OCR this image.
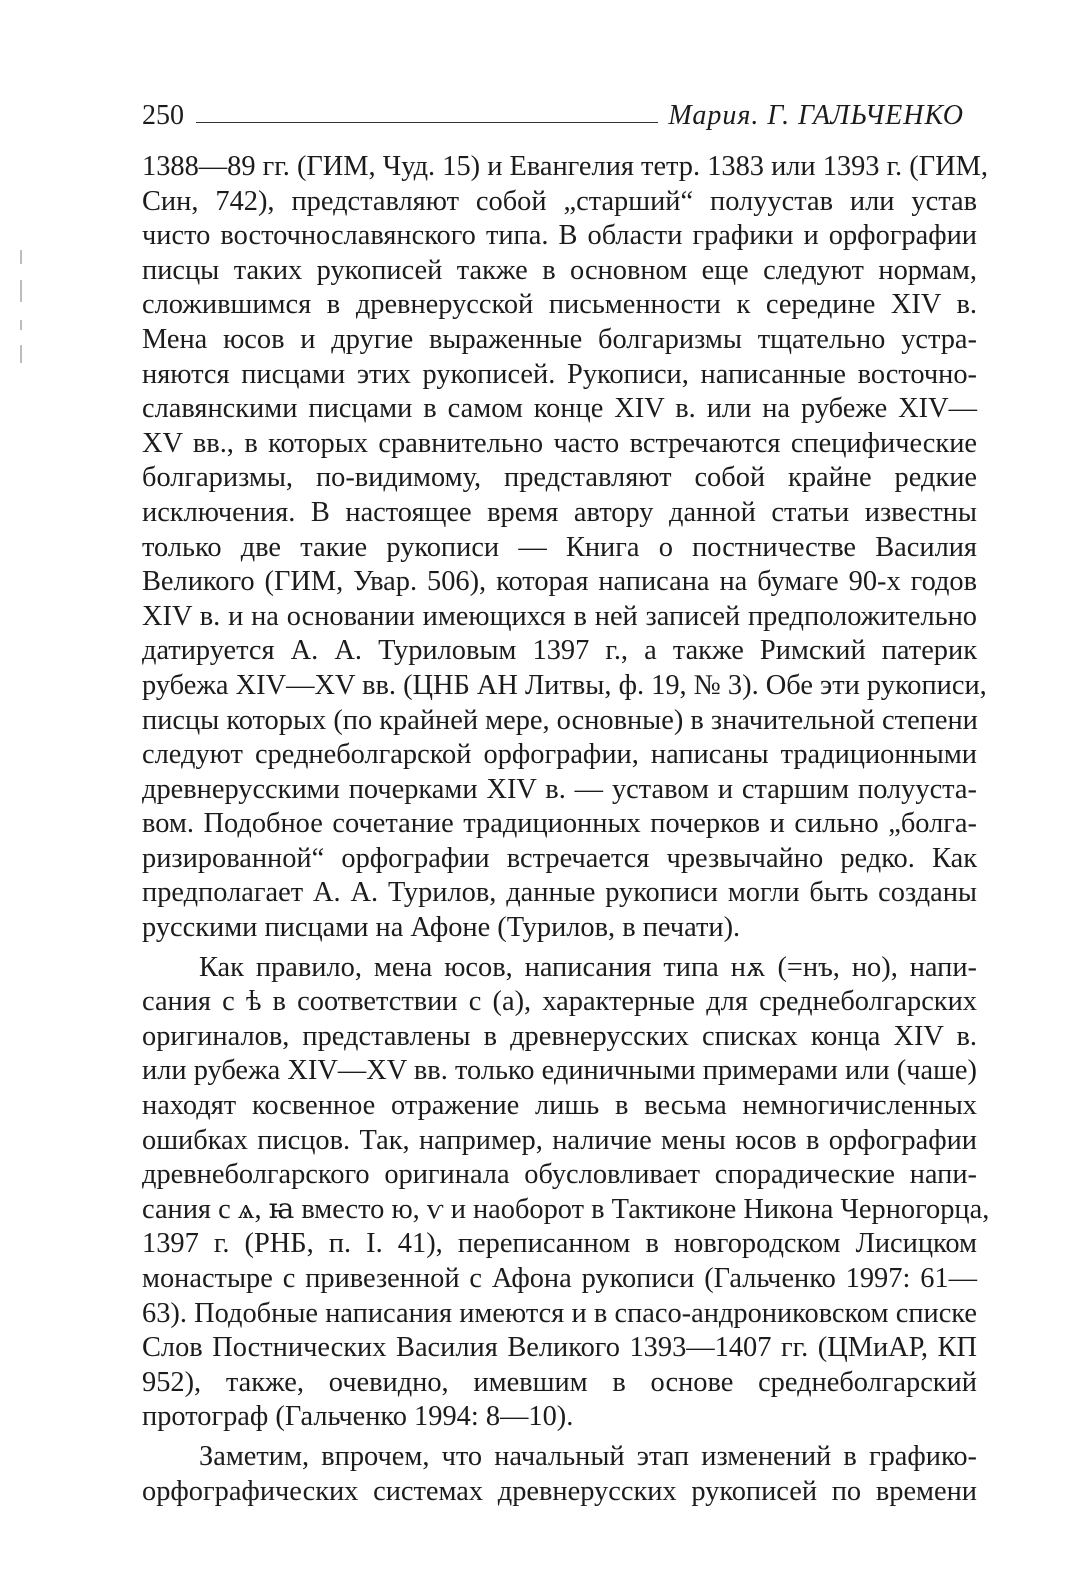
250	Мария. Г. ГАЛЬЧЕНКО
1388—89 гг. (ГИМ, Чуд. 15) и Евангелия тетр. 1383 или 1393 г. (ГИМ,
Син, 742), представляют собой „старший“ полуустав или устав
чисто восточнославянского типа. В области графики и орфографии
писцы таких рукописей также в основном еще следуют нормам,
сложившимся в древнерусской письменности к середине XIV в.
Мена юсов и другие выраженные болгаризмы тщательно устра-
няются писцами этих рукописей. Рукописи, написанные восточно-
славянскими писцами в самом конце XIV в. или на рубеже XIV—
XV вв., в которых сравнительно часто встречаются специфические
болгаризмы, по-видимому, представляют собой крайне редкие
исключения. В настоящее время автору данной статьи известны
только две такие рукописи — Книга о постничестве Василия
Великого (ГИМ, Увар. 506), которая написана на бумаге 90-х годов
XIV в. и на основании имеющихся в ней записей предположительно
датируется А. А. Туриловым 1397 г., а также Римский патерик
рубежа XIV—XV вв. (ЦНБ АН Литвы, ф. 19, № 3). Обе эти рукописи,
писцы которых (по крайней мере, основные) в значительной степени
следуют среднеболгарской орфографии, написаны традиционными
древнерусскими почерками XIV в. — уставом и старшим полууста-
вом. Подобное сочетание традиционных почерков и сильно „болга-
ризированной“ орфографии встречается чрезвычайно редко. Как
предполагает А. А. Турилов, данные рукописи могли быть созданы
русскими писцами на Афоне (Турилов, в печати).
Как правило, мена юсов, написания типа нѫ (=нъ, но), напи-
сания с ѣ в соответствии с (а), характерные для среднеболгарских
оригиналов, представлены в древнерусских списках конца XIV в.
или рубежа XIV—XV вв. только единичными примерами или (чаше)
находят косвенное отражение лишь в весьма немногичисленных
ошибках писцов. Так, например, наличие мены юсов в орфографии
древнеболгарского оригинала обусловливает спорадические напи-
сания с ѧ, ꙗ вместо ю, ѵ и наоборот в Тактиконе Никона Черногорца,
1397 г. (РНБ, п. I. 41), переписанном в новгородском Лисицком
монастыре с привезенной с Афона рукописи (Гальченко 1997: 61—
63). Подобные написания имеются и в спасо-андрониковском списке
Слов Постнических Василия Великого 1393—1407 гг. (ЦМиАР, КП
952), также, очевидно, имевшим в основе среднеболгарский
протограф (Гальченко 1994: 8—10).
Заметим, впрочем, что начальный этап изменений в графико-
орфографических системах древнерусских рукописей по времени
